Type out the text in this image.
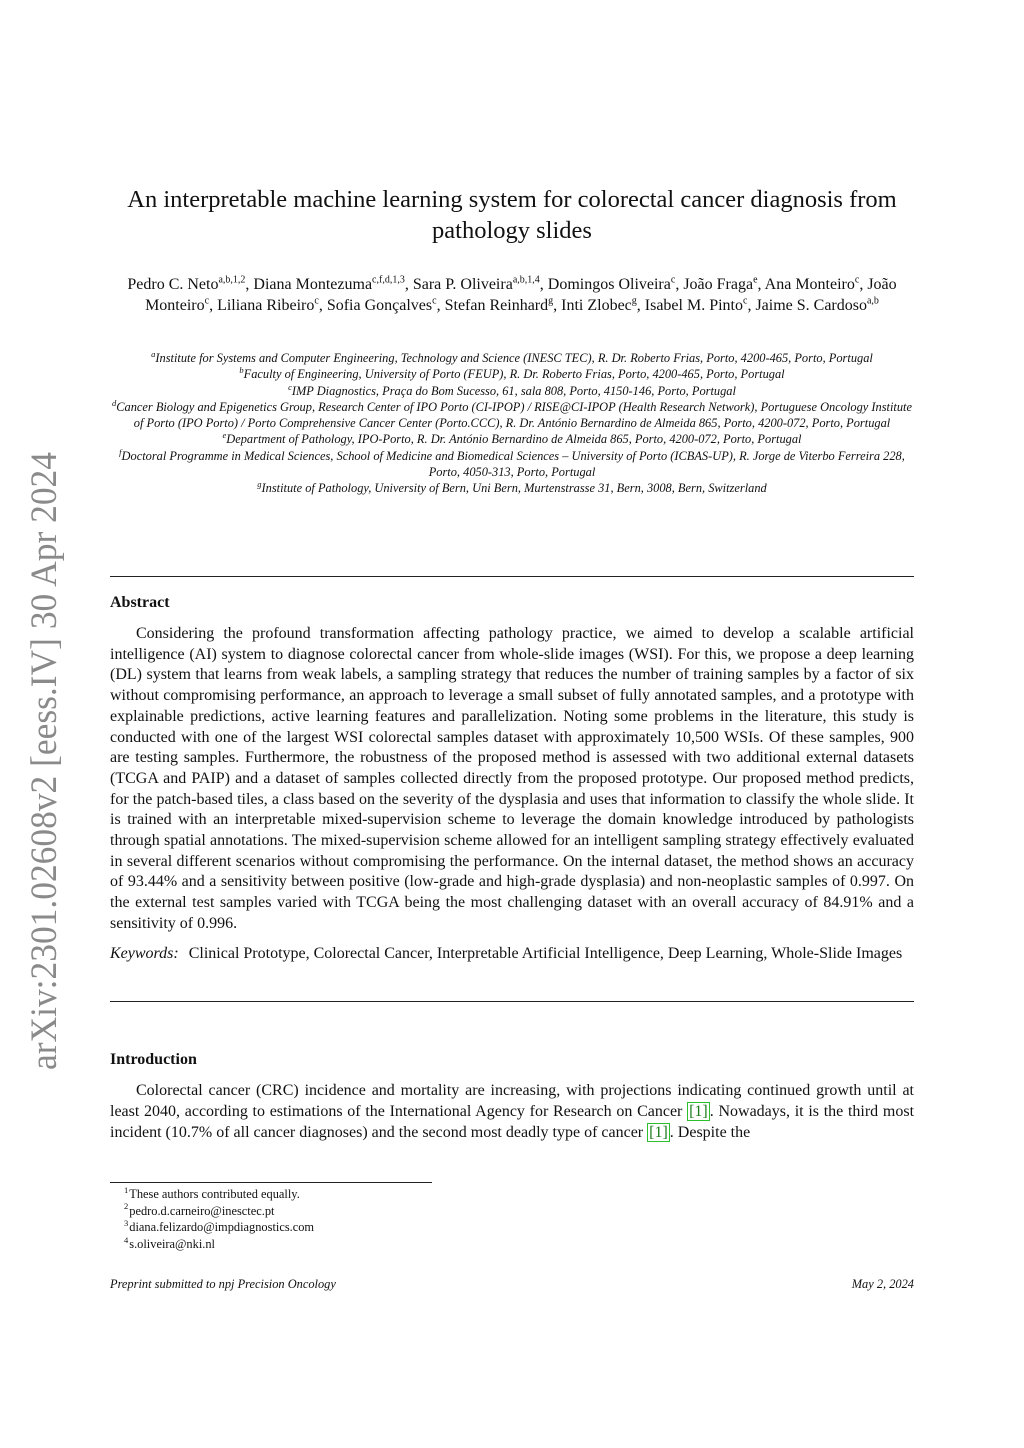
arXiv:2301.02608v2 [eess.IV] 30 Apr 2024
An interpretable machine learning system for colorectal cancer diagnosis from pathology slides
Pedro C. Neto$^{a,b,1,2}$, Diana Montezuma$^{c,f,d,1,3}$, Sara P. Oliveira$^{a,b,1,4}$, Domingos Oliveira$^c$, João Fraga$^e$, Ana Monteiro$^c$, João Monteiro$^c$, Liliana Ribeiro$^c$, Sofia Gonçalves$^c$, Stefan Reinhard$^g$, Inti Zlobec$^g$, Isabel M. Pinto$^c$, Jaime S. Cardoso$^{a,b}$
$^a$Institute for Systems and Computer Engineering, Technology and Science (INESC TEC), R. Dr. Roberto Frias, Porto, 4200-465, Porto, Portugal
$^b$Faculty of Engineering, University of Porto (FEUP), R. Dr. Roberto Frias, Porto, 4200-465, Porto, Portugal
$^c$IMP Diagnostics, Praça do Bom Sucesso, 61, sala 808, Porto, 4150-146, Porto, Portugal
$^d$Cancer Biology and Epigenetics Group, Research Center of IPO Porto (CI-IPOP) / RISE@CI-IPOP (Health Research Network), Portuguese Oncology Institute of Porto (IPO Porto) / Porto Comprehensive Cancer Center (Porto.CCC), R. Dr. António Bernardino de Almeida 865, Porto, 4200-072, Porto, Portugal
$^e$Department of Pathology, IPO-Porto, R. Dr. António Bernardino de Almeida 865, Porto, 4200-072, Porto, Portugal
$^f$Doctoral Programme in Medical Sciences, School of Medicine and Biomedical Sciences – University of Porto (ICBAS-UP), R. Jorge de Viterbo Ferreira 228, Porto, 4050-313, Porto, Portugal
$^g$Institute of Pathology, University of Bern, Uni Bern, Murtenstrasse 31, Bern, 3008, Bern, Switzerland
Abstract

Considering the profound transformation affecting pathology practice, we aimed to develop a scalable artificial intelligence (AI) system to diagnose colorectal cancer from whole-slide images (WSI). For this, we propose a deep learning (DL) system that learns from weak labels, a sampling strategy that reduces the number of training samples by a factor of six without compromising performance, an approach to leverage a small subset of fully annotated samples, and a prototype with explainable predictions, active learning features and parallelization. Noting some problems in the literature, this study is conducted with one of the largest WSI colorectal samples dataset with approximately 10,500 WSIs. Of these samples, 900 are testing samples. Furthermore, the robustness of the proposed method is assessed with two additional external datasets (TCGA and PAIP) and a dataset of samples collected directly from the proposed prototype. Our proposed method predicts, for the patch-based tiles, a class based on the severity of the dysplasia and uses that information to classify the whole slide. It is trained with an interpretable mixed-supervision scheme to leverage the domain knowledge introduced by pathologists through spatial annotations. The mixed-supervision scheme allowed for an intelligent sampling strategy effectively evaluated in several different scenarios without compromising the performance. On the internal dataset, the method shows an accuracy of 93.44% and a sensitivity between positive (low-grade and high-grade dysplasia) and non-neoplastic samples of 0.997. On the external test samples varied with TCGA being the most challenging dataset with an overall accuracy of 84.91% and a sensitivity of 0.996.

Keywords: Clinical Prototype, Colorectal Cancer, Interpretable Artificial Intelligence, Deep Learning, Whole-Slide Images

Introduction

Colorectal cancer (CRC) incidence and mortality are increasing, with projections indicating continued growth until at least 2040, according to estimations of the International Agency for Research on Cancer [1] . Nowadays, it is the third most incident (10.7% of all cancer diagnoses) and the second most deadly type of cancer [1] . Despite the

$^1$These authors contributed equally.
$^2$pedro.d.carneiro@inesctec.pt
$^3$diana.felizardo@impdiagnostics.com
$^4$s.oliveira@nki.nl
Preprint submitted to npj Precision Oncology	May 2, 2024
